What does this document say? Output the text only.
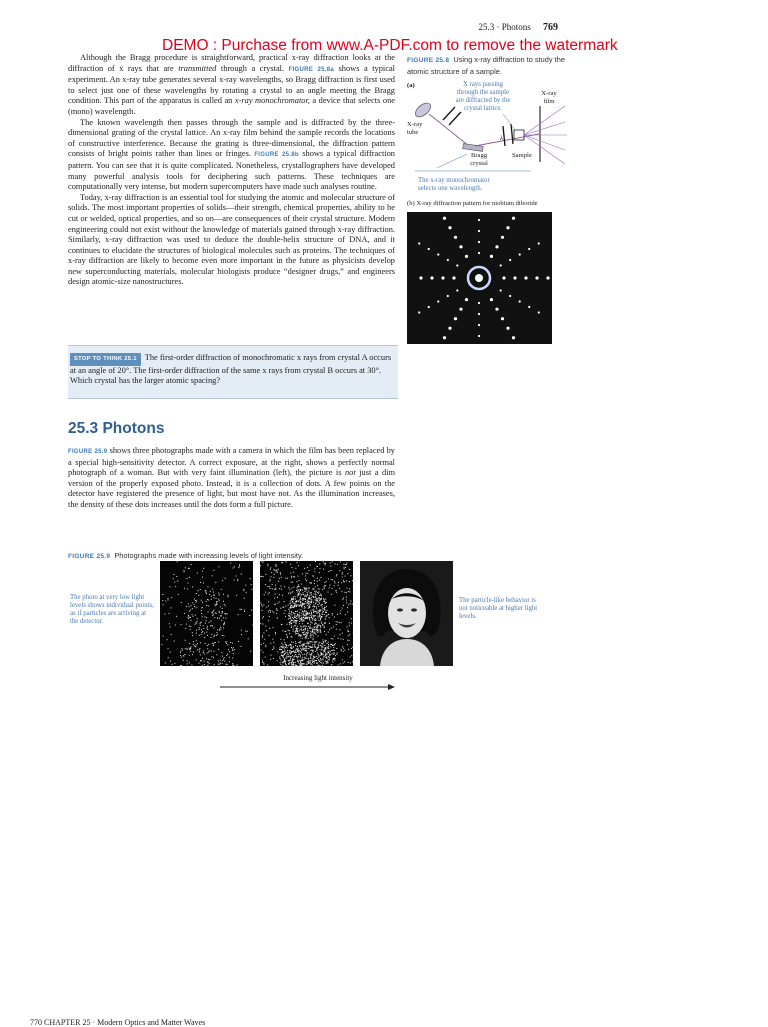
25.3 · Photons 769
DEMO : Purchase from www.A-PDF.com to remove the watermark

Although the Bragg procedure is straightforward, practical x-ray diffraction looks at the diffraction of x rays that are transmitted through a crystal. FIGURE 25.8a shows a typical experiment. An x-ray tube generates several x-ray wavelengths, so Bragg diffraction is first used to select just one of these wavelengths by rotating a crystal to an angle meeting the Bragg condition. This part of the apparatus is called an x-ray monochromator, a device that selects one (mono) wavelength.

The known wavelength then passes through the sample and is diffracted by the three-dimensional grating of the crystal lattice. An x-ray film behind the sample records the locations of constructive interference. Because the grating is three-dimensional, the diffraction pattern consists of bright points rather than lines or fringes. FIGURE 25.8b shows a typical diffraction pattern. You can see that it is quite complicated. Nonetheless, crystallographers have developed many powerful analysis tools for deciphering such patterns. These techniques are computationally very intense, but modern supercomputers have made such analyses routine.

Today, x-ray diffraction is an essential tool for studying the atomic and molecular structure of solids. The most important properties of solids—their strength, chemical properties, ability to be cut or welded, optical properties, and so on—are consequences of their crystal structure. Modern engineering could not exist without the knowledge of materials gained through x-ray diffraction. Similarly, x-ray diffraction was used to deduce the double-helix structure of DNA, and it continues to elucidate the structures of biological molecules such as proteins. The techniques of x-ray diffraction are likely to become even more important in the future as physicists develop new superconducting materials, molecular biologists produce “designer drugs,” and engineers design atomic-size nanostructures.

STOP TO THINK 25.1 The first-order diffraction of monochromatic x rays from crystal A occurs at an angle of 20°. The first-order diffraction of the same x rays from crystal B occurs at 30°. Which crystal has the larger atomic spacing?
25.3 Photons

FIGURE 25.9 shows three photographs made with a camera in which the film has been replaced by a special high-sensitivity detector. A correct exposure, at the right, shows a perfectly normal photograph of a woman. But with very faint illumination (left), the picture is not just a dim version of the properly exposed photo. Instead, it is a collection of dots. A few points on the detector have registered the presence of light, but most have not. As the illumination increases, the density of these dots increases until the dots form a full picture.

FIGURE 25.8 Using x-ray diffraction to study the atomic structure of a sample.
(a)	X rays passing through the sample are diffracted by the crystal lattice.
X-ray film
X-ray tube
λ
Bragg crystal
Sample
The x-ray monochromator selects one wavelength.
(b) X-ray diffraction pattern for niobium diboride
FIGURE 25.9 Photographs made with increasing levels of light intensity.
The photo at very low light levels shows individual points, as if particles are arriving at the detector.
The particle-like behavior is not noticeable at higher light levels.
Increasing light intensity
770 CHAPTER 25 · Modern Optics and Matter Waves
